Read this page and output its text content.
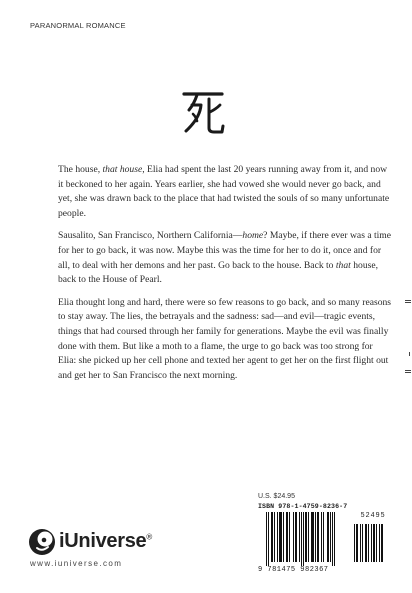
PARANORMAL ROMANCE

The house, that house, Elia had spent the last 20 years running away from it, and now it beckoned to her again. Years earlier, she had vowed she would never go back, and yet, she was drawn back to the place that had twisted the souls of so many unfortunate people.

Sausalito, San Francisco, Northern California—home? Maybe, if there ever was a time for her to go back, it was now. Maybe this was the time for her to do it, once and for all, to deal with her demons and her past. Go back to the house. Back to that house, back to the House of Pearl.

Elia thought long and hard, there were so few reasons to go back, and so many reasons to stay away. The lies, the betrayals and the sadness: sad—and evil—tragic events, things that had coursed through her family for generations. Maybe the evil was finally done with them. But like a moth to a flame, the urge to go back was too strong for Elia: she picked up her cell phone and texted her agent to get her on the first flight out and get her to San Francisco the next morning.

U.S. $24.95
ISBN 978-1-4759-8236-7
52495
9 781475 982367
iUniverse®
www.iuniverse.com
